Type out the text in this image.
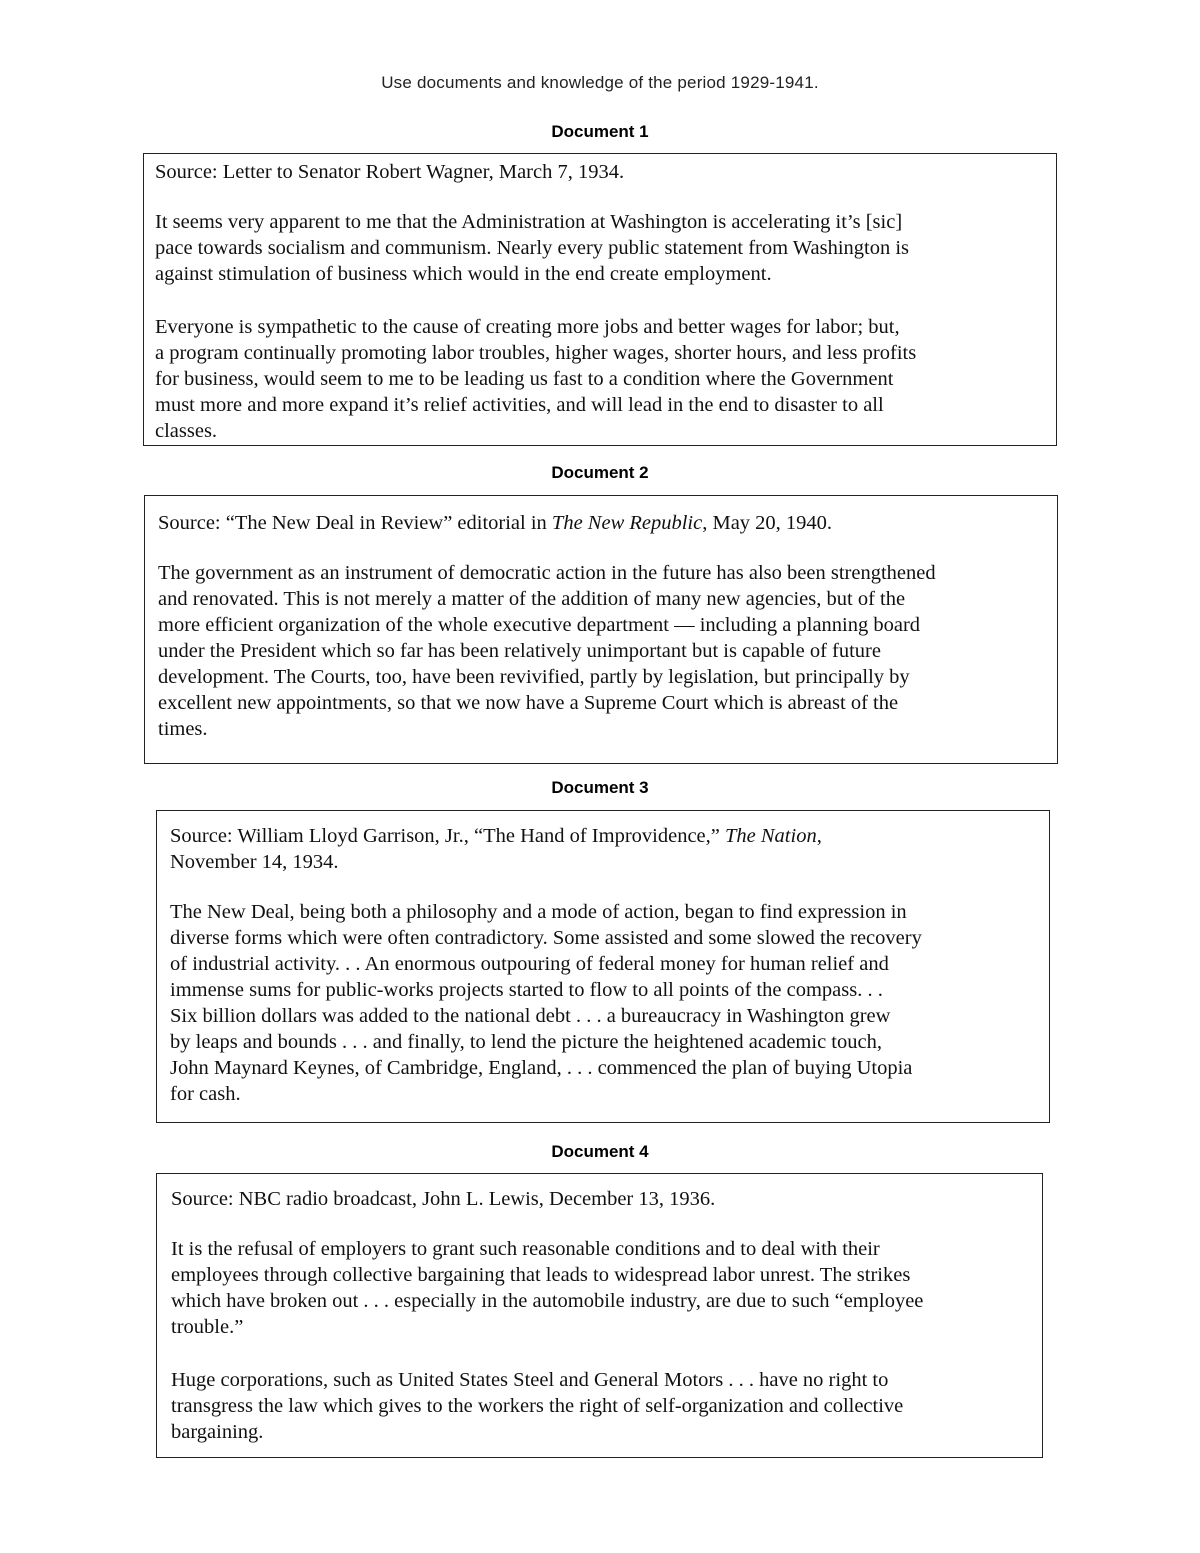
Use documents and knowledge of the period 1929-1941.
Document 1

Source: Letter to Senator Robert Wagner, March 7, 1934.

It seems very apparent to me that the Administration at Washington is accelerating it’s [sic]
pace towards socialism and communism. Nearly every public statement from Washington is
against stimulation of business which would in the end create employment.

Everyone is sympathetic to the cause of creating more jobs and better wages for labor; but,
a program continually promoting labor troubles, higher wages, shorter hours, and less profits
for business, would seem to me to be leading us fast to a condition where the Government
must more and more expand it’s relief activities, and will lead in the end to disaster to all
classes.

Document 2

Source: “The New Deal in Review” editorial in The New Republic, May 20, 1940.

The government as an instrument of democratic action in the future has also been strengthened
and renovated. This is not merely a matter of the addition of many new agencies, but of the
more efficient organization of the whole executive department — including a planning board
under the President which so far has been relatively unimportant but is capable of future
development. The Courts, too, have been revivified, partly by legislation, but principally by
excellent new appointments, so that we now have a Supreme Court which is abreast of the
times.

Document 3

Source: William Lloyd Garrison, Jr., “The Hand of Improvidence,” The Nation,
November 14, 1934.

The New Deal, being both a philosophy and a mode of action, began to find expression in
diverse forms which were often contradictory. Some assisted and some slowed the recovery
of industrial activity. . . An enormous outpouring of federal money for human relief and
immense sums for public-works projects started to flow to all points of the compass. . .
Six billion dollars was added to the national debt . . . a bureaucracy in Washington grew
by leaps and bounds . . . and finally, to lend the picture the heightened academic touch,
John Maynard Keynes, of Cambridge, England, . . . commenced the plan of buying Utopia
for cash.

Document 4

Source: NBC radio broadcast, John L. Lewis, December 13, 1936.

It is the refusal of employers to grant such reasonable conditions and to deal with their
employees through collective bargaining that leads to widespread labor unrest. The strikes
which have broken out . . . especially in the automobile industry, are due to such “employee
trouble.”

Huge corporations, such as United States Steel and General Motors . . . have no right to
transgress the law which gives to the workers the right of self-organization and collective
bargaining.
